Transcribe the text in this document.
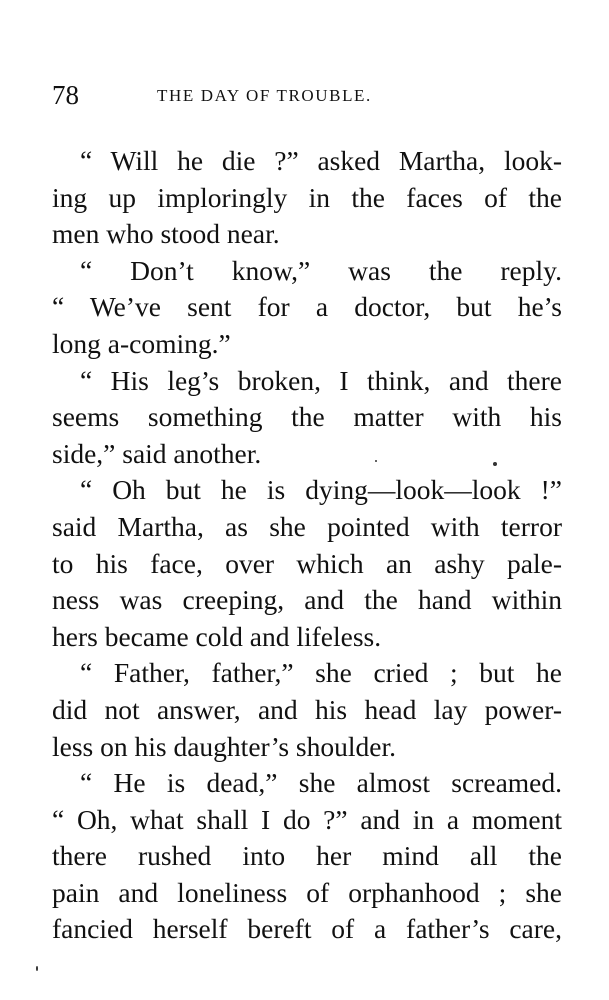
78	THE DAY OF TROUBLE.
“ Will he die ?” asked Martha, look-
ing up imploringly in the faces of the
men who stood near.
“ Don’t know,” was the reply.
“ We’ve sent for a doctor, but he’s
long a-coming.”
“ His leg’s broken, I think, and there
seems something the matter with his
side,” said another.
“ Oh but he is dying—look—look !”
said Martha, as she pointed with terror
to his face, over which an ashy pale-
ness was creeping, and the hand within
hers became cold and lifeless.
“ Father, father,” she cried ; but he
did not answer, and his head lay power-
less on his daughter’s shoulder.
“ He is dead,” she almost screamed.
“ Oh, what shall I do ?” and in a moment
there rushed into her mind all the
pain and loneliness of orphanhood ; she
fancied herself bereft of a father’s care,
